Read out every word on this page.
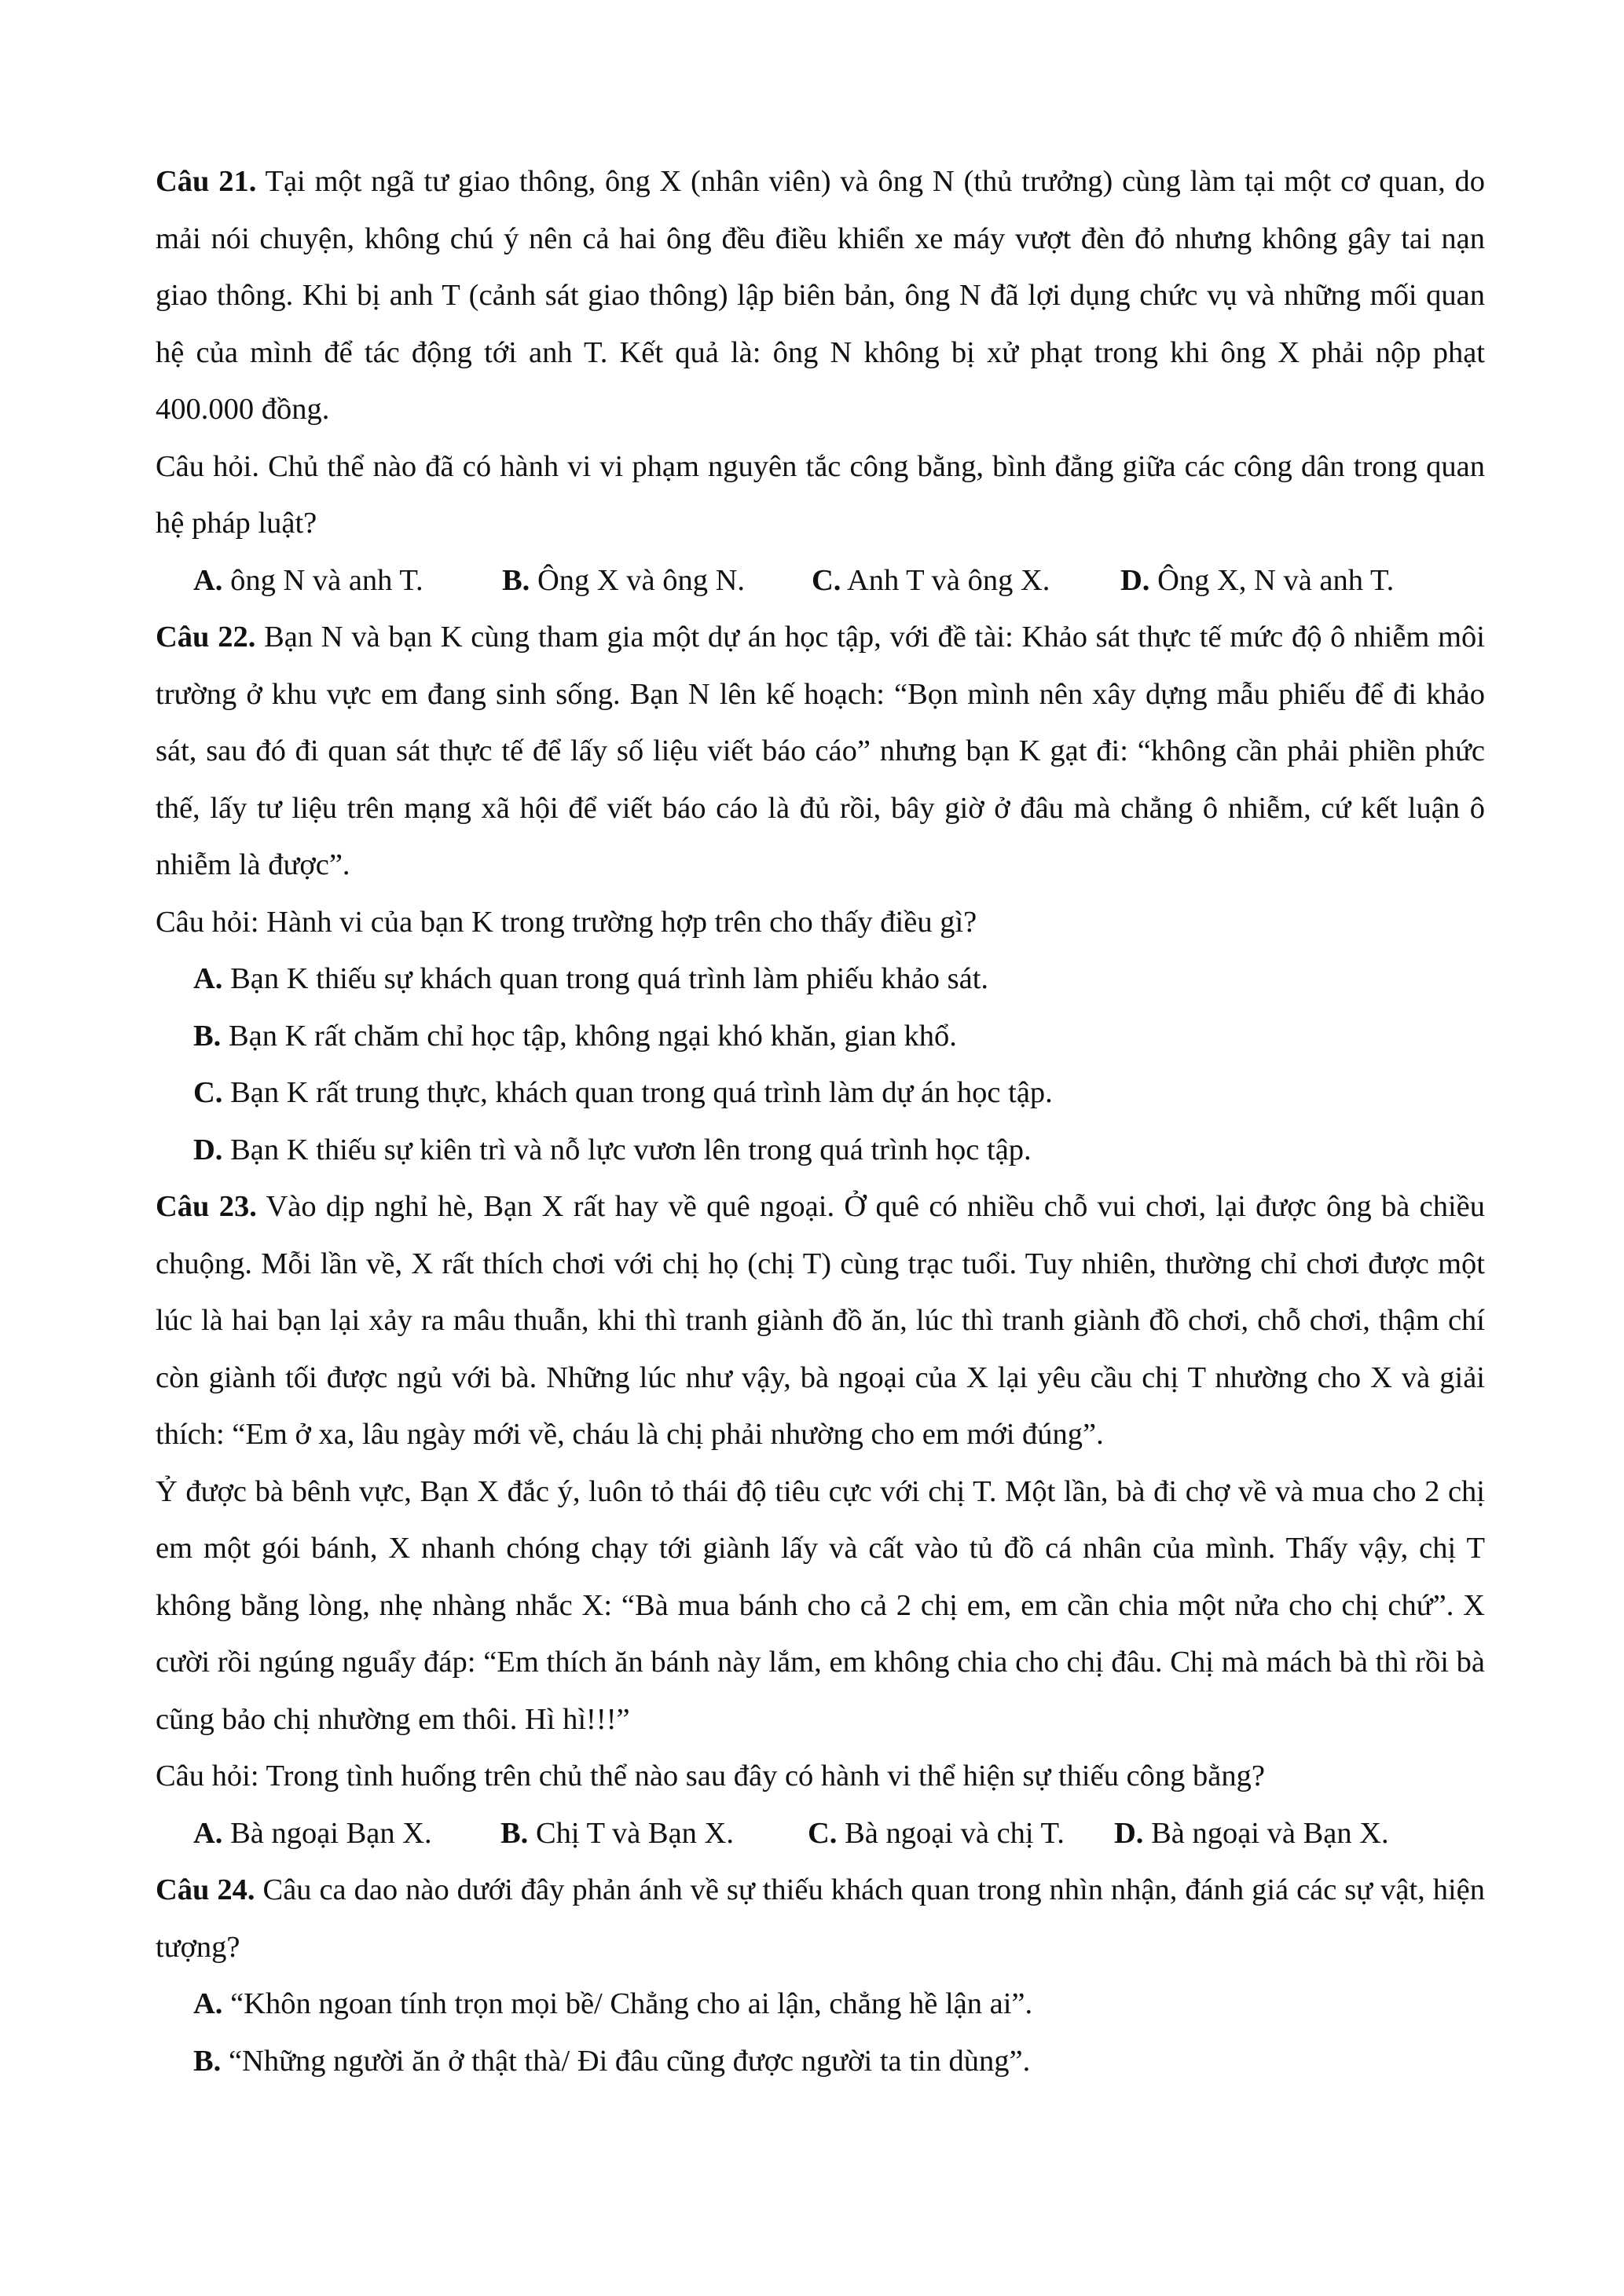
Câu 21. Tại một ngã tư giao thông, ông X (nhân viên) và ông N (thủ trưởng) cùng làm tại một cơ quan, do mải nói chuyện, không chú ý nên cả hai ông đều điều khiển xe máy vượt đèn đỏ nhưng không gây tai nạn giao thông. Khi bị anh T (cảnh sát giao thông) lập biên bản, ông N đã lợi dụng chức vụ và những mối quan hệ của mình để tác động tới anh T. Kết quả là: ông N không bị xử phạt trong khi ông X phải nộp phạt 400.000 đồng.

Câu hỏi. Chủ thể nào đã có hành vi vi phạm nguyên tắc công bằng, bình đẳng giữa các công dân trong quan hệ pháp luật?

A. ông N và anh T.	B. Ông X và ông N.	C. Anh T và ông X.	D. Ông X, N và anh T.

Câu 22. Bạn N và bạn K cùng tham gia một dự án học tập, với đề tài: Khảo sát thực tế mức độ ô nhiễm môi trường ở khu vực em đang sinh sống. Bạn N lên kế hoạch: “Bọn mình nên xây dựng mẫu phiếu để đi khảo sát, sau đó đi quan sát thực tế để lấy số liệu viết báo cáo” nhưng bạn K gạt đi: “không cần phải phiền phức thế, lấy tư liệu trên mạng xã hội để viết báo cáo là đủ rồi, bây giờ ở đâu mà chẳng ô nhiễm, cứ kết luận ô nhiễm là được”.

Câu hỏi: Hành vi của bạn K trong trường hợp trên cho thấy điều gì?

A. Bạn K thiếu sự khách quan trong quá trình làm phiếu khảo sát.

B. Bạn K rất chăm chỉ học tập, không ngại khó khăn, gian khổ.

C. Bạn K rất trung thực, khách quan trong quá trình làm dự án học tập.

D. Bạn K thiếu sự kiên trì và nỗ lực vươn lên trong quá trình học tập.

Câu 23. Vào dịp nghỉ hè, Bạn X rất hay về quê ngoại. Ở quê có nhiều chỗ vui chơi, lại được ông bà chiều chuộng. Mỗi lần về, X rất thích chơi với chị họ (chị T) cùng trạc tuổi. Tuy nhiên, thường chỉ chơi được một lúc là hai bạn lại xảy ra mâu thuẫn, khi thì tranh giành đồ ăn, lúc thì tranh giành đồ chơi, chỗ chơi, thậm chí còn giành tối được ngủ với bà. Những lúc như vậy, bà ngoại của X lại yêu cầu chị T nhường cho X và giải thích: “Em ở xa, lâu ngày mới về, cháu là chị phải nhường cho em mới đúng”.

Ỷ được bà bênh vực, Bạn X đắc ý, luôn tỏ thái độ tiêu cực với chị T. Một lần, bà đi chợ về và mua cho 2 chị em một gói bánh, X nhanh chóng chạy tới giành lấy và cất vào tủ đồ cá nhân của mình. Thấy vậy, chị T không bằng lòng, nhẹ nhàng nhắc X: “Bà mua bánh cho cả 2 chị em, em cần chia một nửa cho chị chứ”. X cười rồi ngúng nguẩy đáp: “Em thích ăn bánh này lắm, em không chia cho chị đâu. Chị mà mách bà thì rồi bà cũng bảo chị nhường em thôi. Hì hì!!!”

Câu hỏi: Trong tình huống trên chủ thể nào sau đây có hành vi thể hiện sự thiếu công bằng?

A. Bà ngoại Bạn X.	B. Chị T và Bạn X.	C. Bà ngoại và chị T.	D. Bà ngoại và Bạn X.

Câu 24. Câu ca dao nào dưới đây phản ánh về sự thiếu khách quan trong nhìn nhận, đánh giá các sự vật, hiện tượng?

A. “Khôn ngoan tính trọn mọi bề/ Chẳng cho ai lận, chẳng hề lận ai”.

B. “Những người ăn ở thật thà/ Đi đâu cũng được người ta tin dùng”.
